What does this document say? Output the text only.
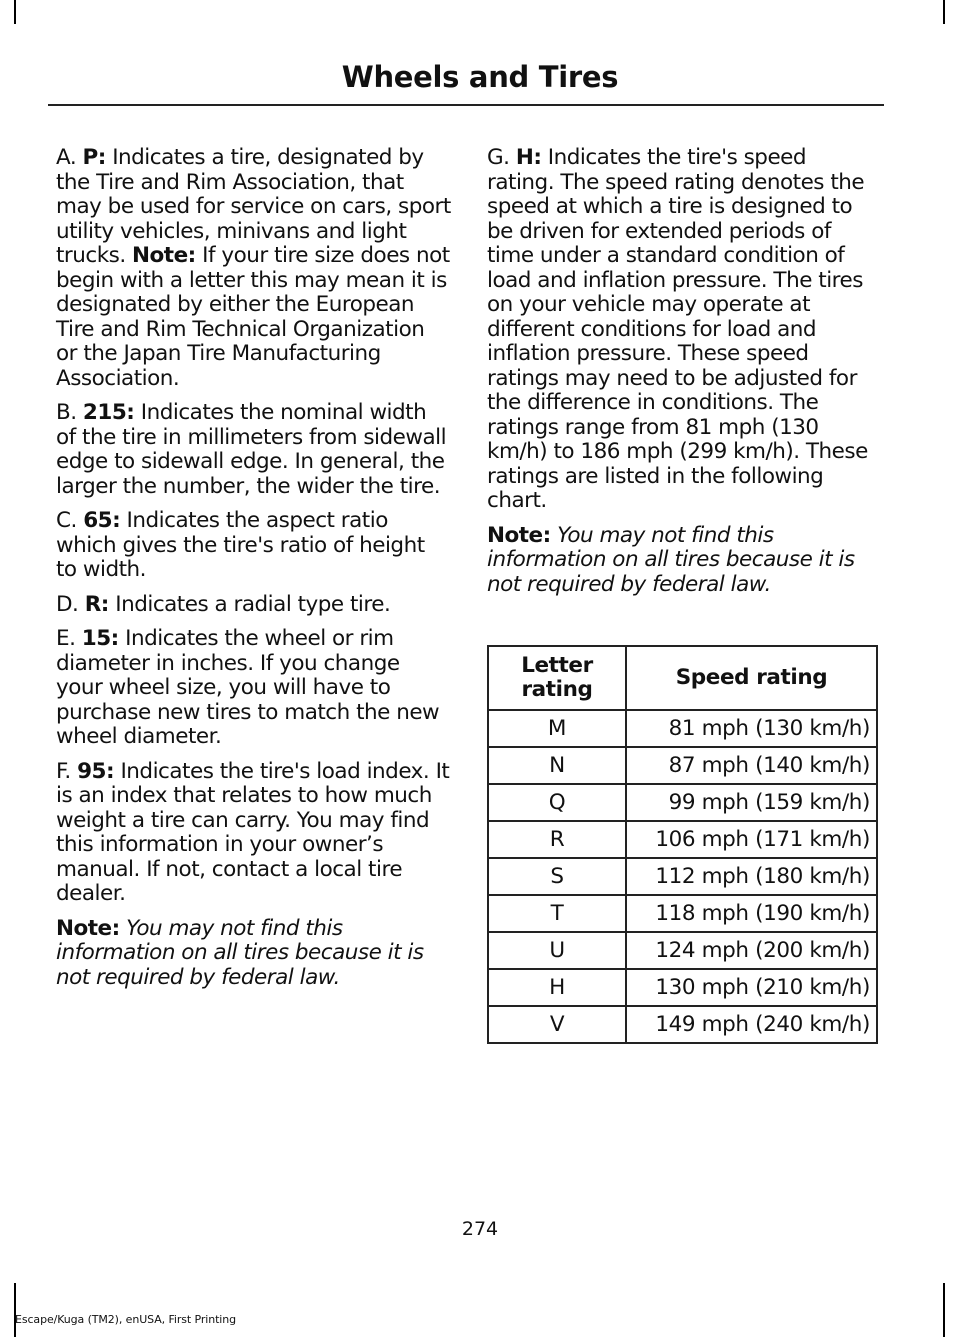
Wheels and Tires

A. P: Indicates a tire, designated by the Tire and Rim Association, that may be used for service on cars, sport utility vehicles, minivans and light trucks. Note: If your tire size does not begin with a letter this may mean it is designated by either the European Tire and Rim Technical Organization or the Japan Tire Manufacturing Association.

B. 215: Indicates the nominal width of the tire in millimeters from sidewall edge to sidewall edge. In general, the larger the number, the wider the tire.

C. 65: Indicates the aspect ratio which gives the tire's ratio of height to width.

D. R: Indicates a radial type tire.

E. 15: Indicates the wheel or rim diameter in inches. If you change your wheel size, you will have to purchase new tires to match the new wheel diameter.

F. 95: Indicates the tire's load index. It is an index that relates to how much weight a tire can carry. You may find this information in your owner’s manual. If not, contact a local tire dealer.

Note: You may not find this information on all tires because it is not required by federal law.

G. H: Indicates the tire's speed rating. The speed rating denotes the speed at which a tire is designed to be driven for extended periods of time under a standard condition of load and inflation pressure. The tires on your vehicle may operate at different conditions for load and inflation pressure. These speed ratings may need to be adjusted for the difference in conditions. The ratings range from 81 mph (130 km/h) to 186 mph (299 km/h). These ratings are listed in the following chart.

Note: You may not find this information on all tires because it is not required by federal law.

Letter rating	Speed rating
M	81 mph (130 km/h)
N	87 mph (140 km/h)
Q	99 mph (159 km/h)
R	106 mph (171 km/h)
S	112 mph (180 km/h)
T	118 mph (190 km/h)
U	124 mph (200 km/h)
H	130 mph (210 km/h)
V	149 mph (240 km/h)
274
Escape/Kuga (TM2), enUSA, First Printing
